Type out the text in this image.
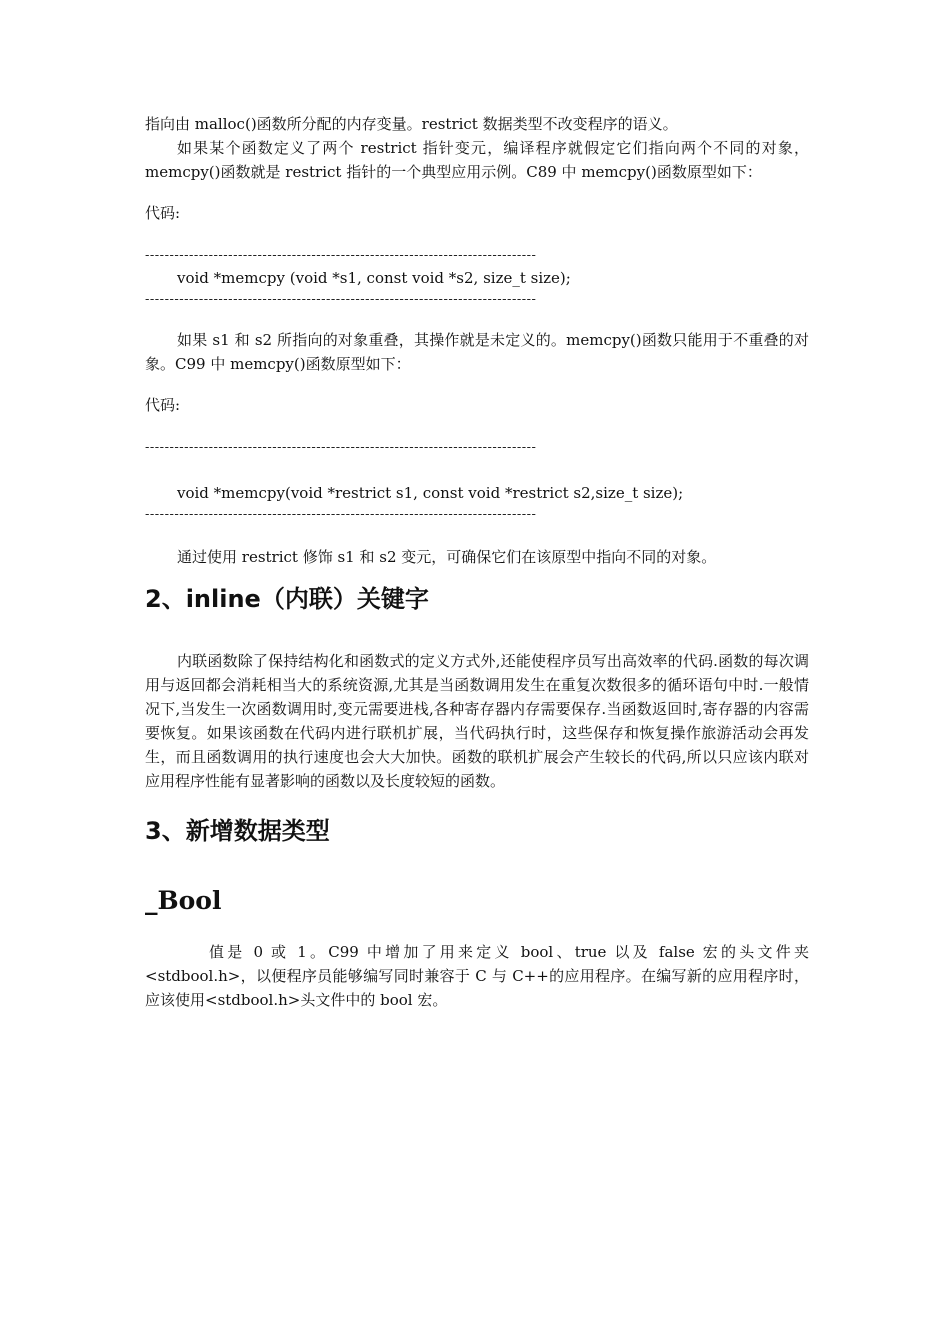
指向由 malloc()函数所分配的内存变量。restrict 数据类型不改变程序的语义。

如果某个函数定义了两个 restrict 指针变元，编译程序就假定它们指向两个不同的对象，memcpy()函数就是 restrict 指针的一个典型应用示例。C89 中 memcpy()函数原型如下：

代码:

--------------------------------------------------------------------------------

void *memcpy (void *s1, const void *s2, size_t size);

--------------------------------------------------------------------------------

如果 s1 和 s2 所指向的对象重叠，其操作就是未定义的。memcpy()函数只能用于不重叠的对象。C99 中 memcpy()函数原型如下：

代码:

--------------------------------------------------------------------------------

void *memcpy(void *restrict s1, const void *restrict s2,size_t size);

--------------------------------------------------------------------------------

通过使用 restrict 修饰 s1 和 s2 变元，可确保它们在该原型中指向不同的对象。

2、inline（内联）关键字

内联函数除了保持结构化和函数式的定义方式外,还能使程序员写出高效率的代码.函数的每次调用与返回都会消耗相当大的系统资源,尤其是当函数调用发生在重复次数很多的循环语句中时.一般情况下,当发生一次函数调用时,变元需要进栈,各种寄存器内存需要保存.当函数返回时,寄存器的内容需要恢复。如果该函数在代码内进行联机扩展，当代码执行时，这些保存和恢复操作旅游活动会再发生，而且函数调用的执行速度也会大大加快。函数的联机扩展会产生较长的代码,所以只应该内联对应用程序性能有显著影响的函数以及长度较短的函数。

3、新增数据类型
_Bool

值是 0 或 1。C99 中增加了用来定义 bool、true 以及 false 宏的头文件夹<stdbool.h>，以便程序员能够编写同时兼容于 C 与 C++的应用程序。在编写新的应用程序时，应该使用<stdbool.h>头文件中的 bool 宏。
